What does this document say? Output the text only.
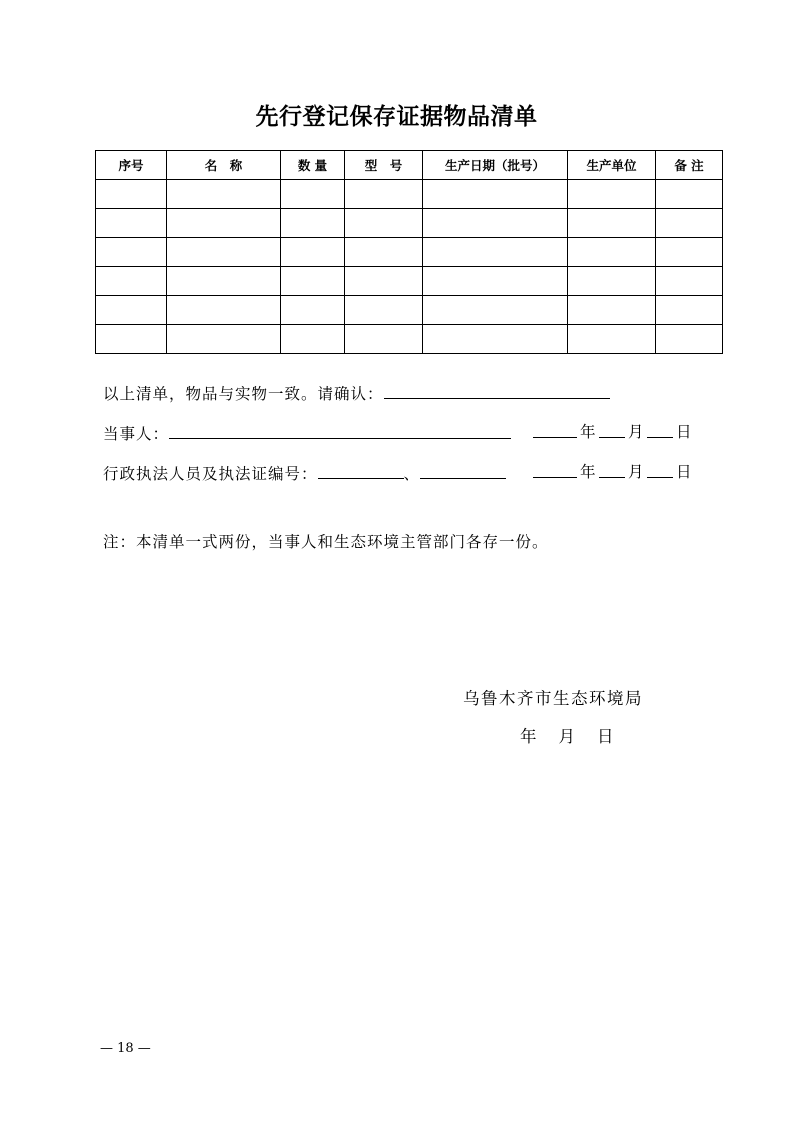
先行登记保存证据物品清单
序号	名　称	数 量	型　号	生产日期（批号）	生产单位	备 注

以上清单，物品与实物一致。请确认：
当事人：	年 月 日
行政执法人员及执法证编号：	、	年 月 日
注：本清单一式两份，当事人和生态环境主管部门各存一份。
乌鲁木齐市生态环境局
年 月 日
— 18 —
